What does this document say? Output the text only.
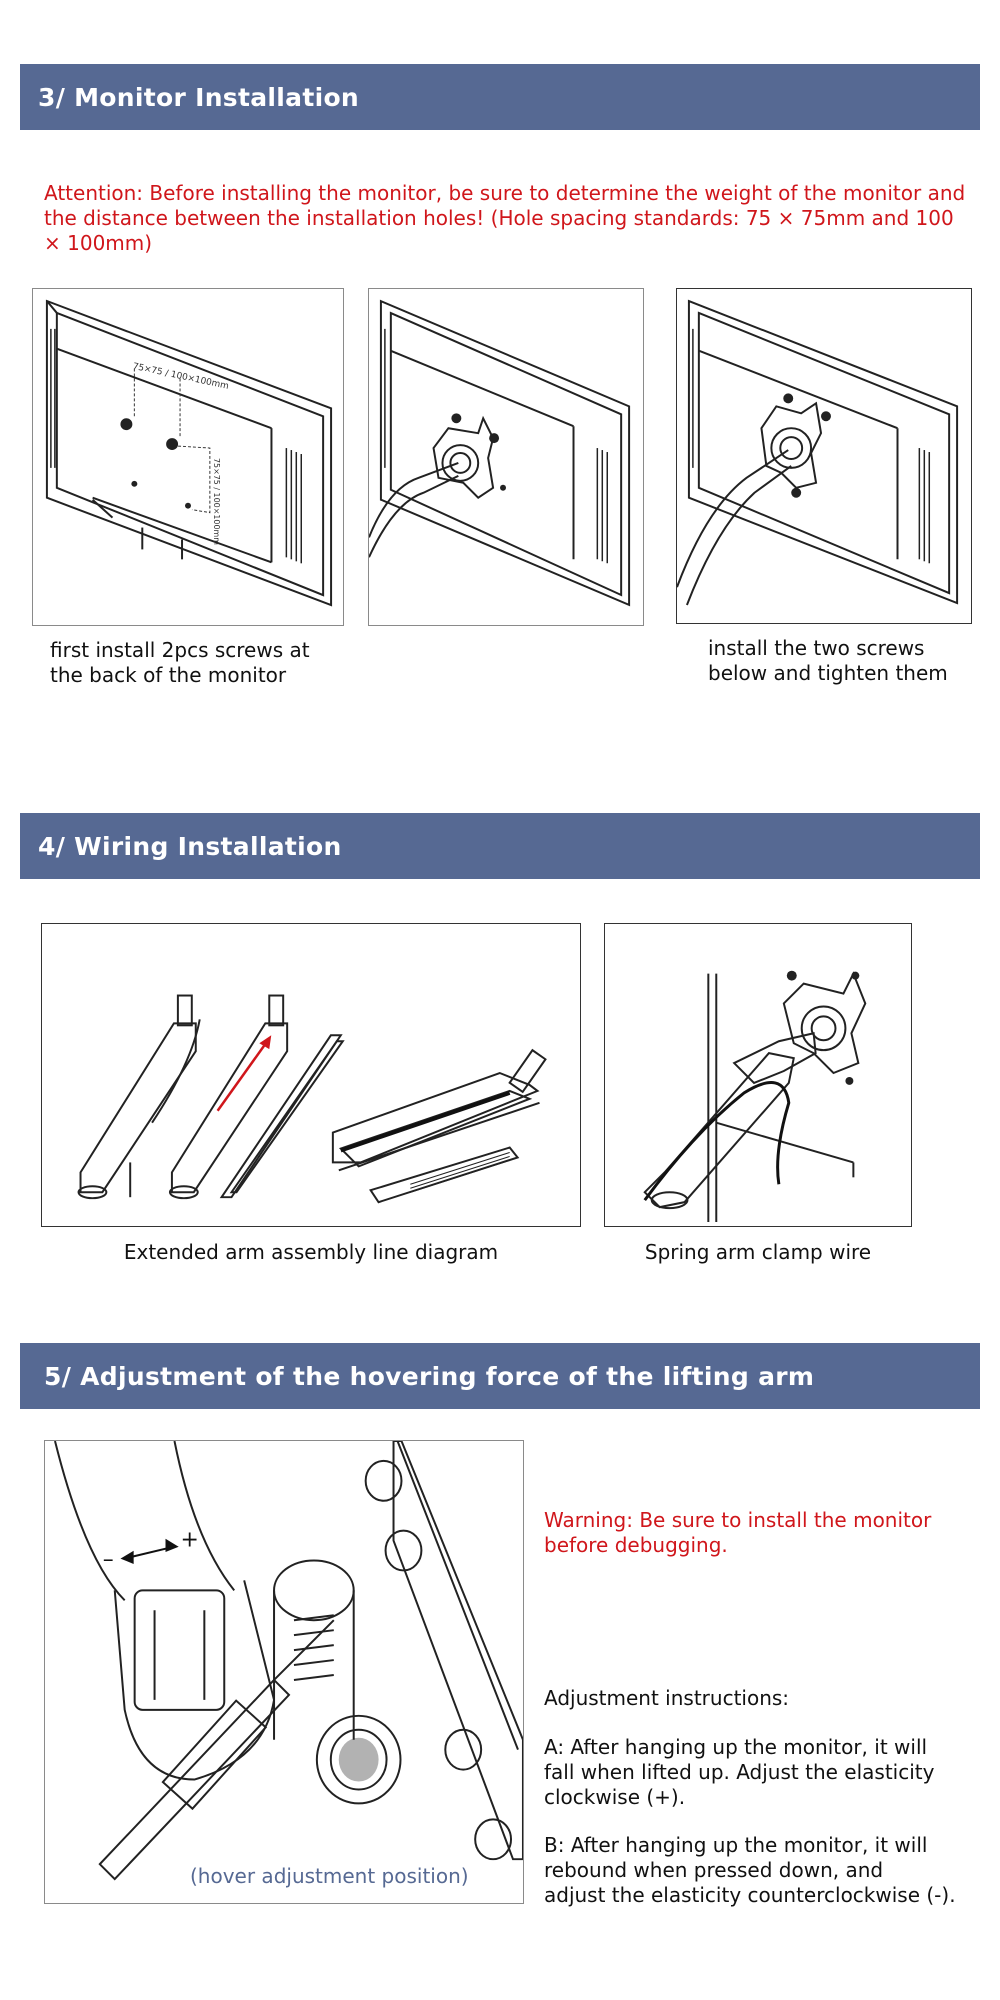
3/ Monitor Installation
Attention: Before installing the monitor, be sure to determine the weight of the monitor and the distance between the installation holes! (Hole spacing standards: 75 × 75mm and 100 × 100mm)
75×75 / 100×100mm
75×75 / 100×100mm
first install 2pcs screws at
the back of the monitor
install the two screws
below and tighten them
4/ Wiring Installation
Extended arm assembly line diagram	Spring arm clamp wire
5/ Adjustment of the hovering force of the lifting arm
–
+
(hover adjustment position)
Warning: Be sure to install the monitor
before debugging.
Adjustment instructions:
A: After hanging up the monitor, it will
fall when lifted up. Adjust the elasticity
clockwise (+).
B: After hanging up the monitor, it will
rebound when pressed down, and
adjust the elasticity counterclockwise (-).
